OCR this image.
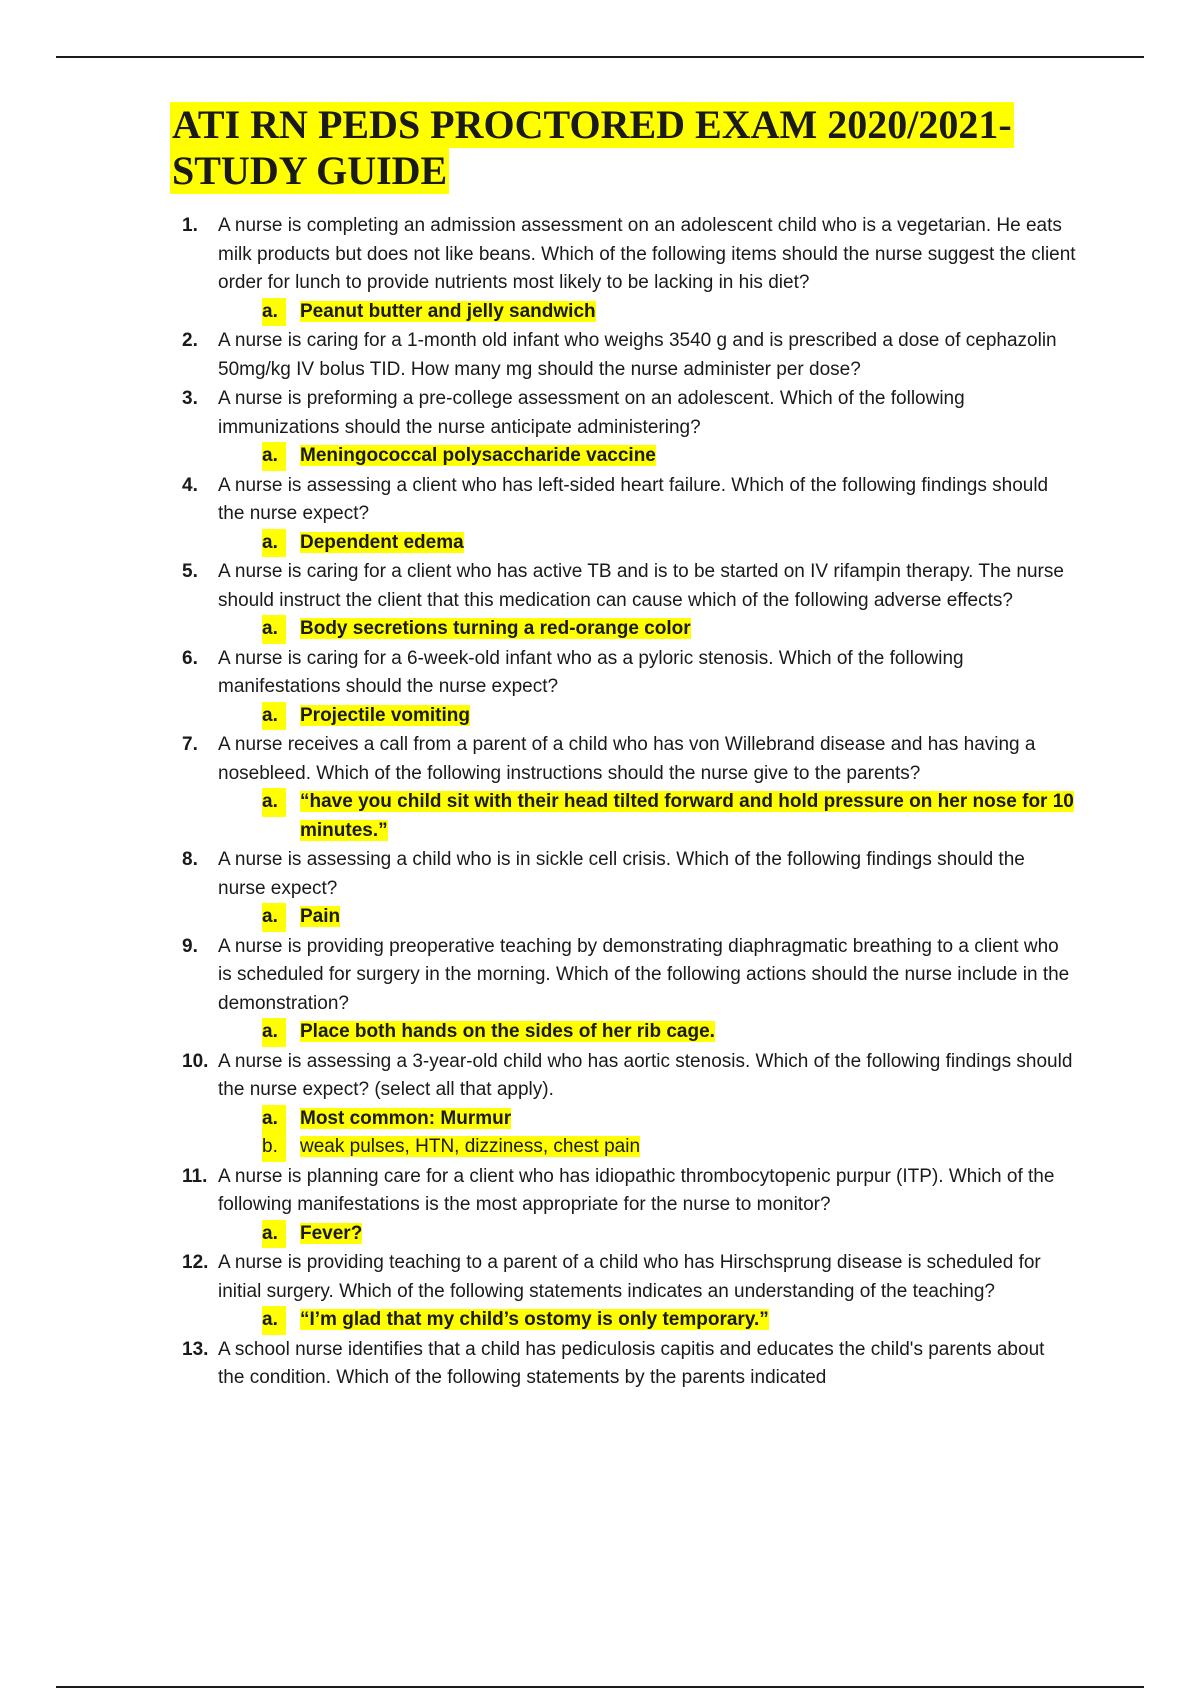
ATI RN PEDS PROCTORED EXAM 2020/2021-
STUDY GUIDE
1.	A nurse is completing an admission assessment on an adolescent child who is a vegetarian. He eats milk products but does not like beans. Which of the following items should the nurse suggest the client order for lunch to provide nutrients most likely to be lacking in his diet?

a.	Peanut butter and jelly sandwich
2.	A nurse is caring for a 1-month old infant who weighs 3540 g and is prescribed a dose of cephazolin 50mg/kg IV bolus TID. How many mg should the nurse administer per dose?

3.	A nurse is preforming a pre-college assessment on an adolescent. Which of the following immunizations should the nurse anticipate administering?

a.	Meningococcal polysaccharide vaccine
4.	A nurse is assessing a client who has left-sided heart failure. Which of the following findings should the nurse expect?

a.	Dependent edema
5.	A nurse is caring for a client who has active TB and is to be started on IV rifampin therapy. The nurse should instruct the client that this medication can cause which of the following adverse effects?

a.	Body secretions turning a red-orange color
6.	A nurse is caring for a 6-week-old infant who as a pyloric stenosis. Which of the following manifestations should the nurse expect?

a.	Projectile vomiting
7.	A nurse receives a call from a parent of a child who has von Willebrand disease and has having a nosebleed. Which of the following instructions should the nurse give to the parents?

a.	“have you child sit with their head tilted forward and hold pressure on her nose for 10 minutes.”
8.	A nurse is assessing a child who is in sickle cell crisis. Which of the following findings should the nurse expect?

a.	Pain
9.	A nurse is providing preoperative teaching by demonstrating diaphragmatic breathing to a client who is scheduled for surgery in the morning. Which of the following actions should the nurse include in the demonstration?

a.	Place both hands on the sides of her rib cage.
10. A nurse is assessing a 3-year-old child who has aortic stenosis. Which of the following findings should the nurse expect? (select all that apply).

a.	Most common: Murmur
b.	weak pulses, HTN, dizziness, chest pain
11. A nurse is planning care for a client who has idiopathic thrombocytopenic purpur (ITP). Which of the following manifestations is the most appropriate for the nurse to monitor?

a.	Fever?
12. A nurse is providing teaching to a parent of a child who has Hirschsprung disease is scheduled for initial surgery. Which of the following statements indicates an understanding of the teaching?

a.	“I’m glad that my child’s ostomy is only temporary.”
13. A school nurse identifies that a child has pediculosis capitis and educates the child's parents about the condition. Which of the following statements by the parents indicated
